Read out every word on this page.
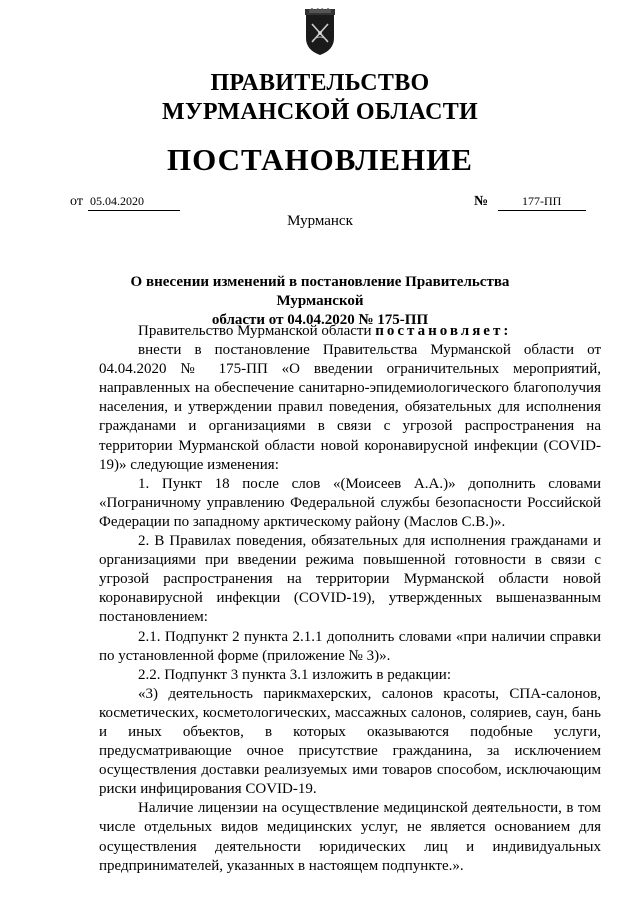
ПРАВИТЕЛЬСТВО
МУРМАНСКОЙ ОБЛАСТИ
ПОСТАНОВЛЕНИЕ
от 05.04.2020	№	177-ПП
Мурманск
О внесении изменений в постановление Правительства Мурманской
области от 04.04.2020 № 175-ПП

Правительство Мурманской области постановляет:

внести в постановление Правительства Мурманской области от 04.04.2020 № 175-ПП «О введении ограничительных мероприятий, направленных на обеспечение санитарно-эпидемиологического благополучия населения, и утверждении правил поведения, обязательных для исполнения гражданами и организациями в связи с угрозой распространения на территории Мурманской области новой коронавирусной инфекции (COVID-19)» следующие изменения:

1. Пункт 18 после слов «(Моисеев А.А.)» дополнить словами «Пограничному управлению Федеральной службы безопасности Российской Федерации по западному арктическому району (Маслов С.В.)».

2. В Правилах поведения, обязательных для исполнения гражданами и организациями при введении режима повышенной готовности в связи с угрозой распространения на территории Мурманской области новой коронавирусной инфекции (COVID-19), утвержденных вышеназванным постановлением:

2.1. Подпункт 2 пункта 2.1.1 дополнить словами «при наличии справки по установленной форме (приложение № 3)».

2.2. Подпункт 3 пункта 3.1 изложить в редакции:

«3) деятельность парикмахерских, салонов красоты, СПА-салонов, косметических, косметологических, массажных салонов, соляриев, саун, бань и иных объектов, в которых оказываются подобные услуги, предусматривающие очное присутствие гражданина, за исключением осуществления доставки реализуемых ими товаров способом, исключающим риски инфицирования COVID-19.

Наличие лицензии на осуществление медицинской деятельности, в том числе отдельных видов медицинских услуг, не является основанием для осуществления деятельности юридических лиц и индивидуальных предпринимателей, указанных в настоящем подпункте.».
